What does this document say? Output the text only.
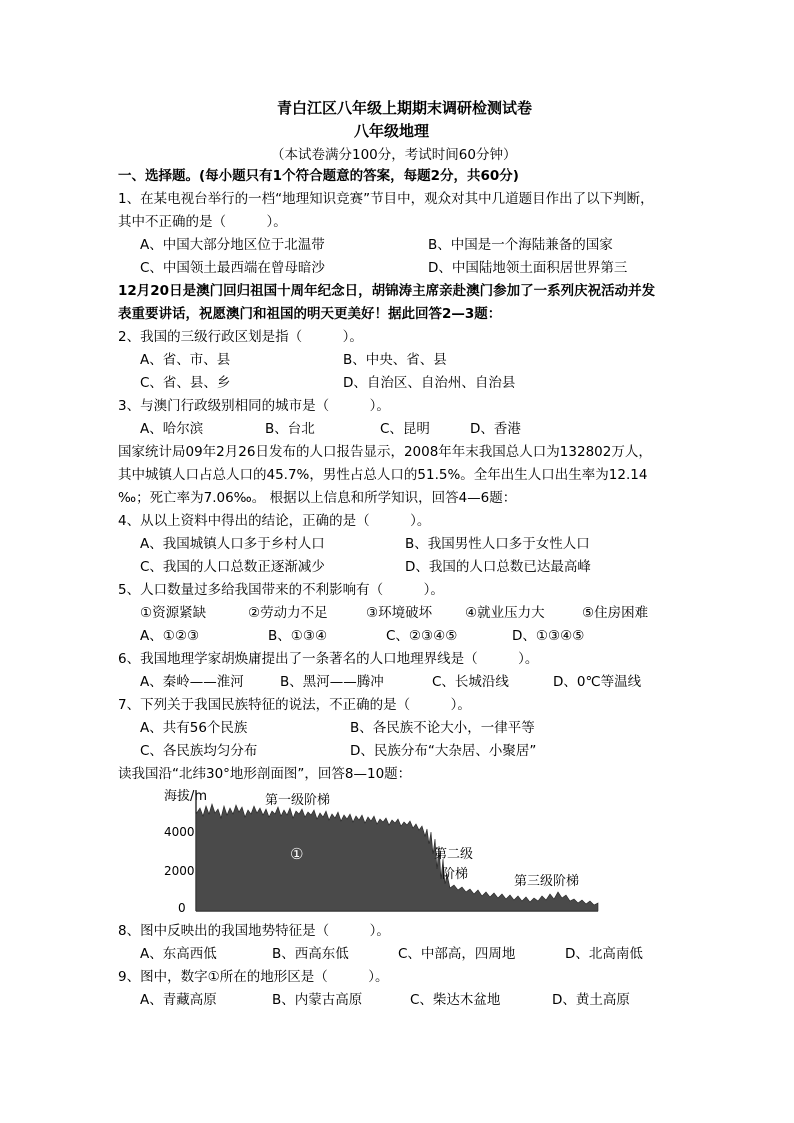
青白江区八年级上期期末调研检测试卷
八年级地理
（本试卷满分100分，考试时间60分钟）
一、选择题。(每小题只有1个符合题意的答案，每题2分，共60分)
1、在某电视台举行的一档“地理知识竞赛”节目中，观众对其中几道题目作出了以下判断，
其中不正确的是（　　　）。
A、中国大部分地区位于北温带	B、中国是一个海陆兼备的国家
C、中国领土最西端在曾母暗沙	D、中国陆地领土面积居世界第三
12月20日是澳门回归祖国十周年纪念日，胡锦涛主席亲赴澳门参加了一系列庆祝活动并发
表重要讲话，祝愿澳门和祖国的明天更美好！据此回答2—3题：
2、我国的三级行政区划是指（　　　）。
A、省、市、县	B、中央、省、县
C、省、县、乡	D、自治区、自治州、自治县
3、与澳门行政级别相同的城市是（　　　）。
A、哈尔滨	B、台北	C、昆明	D、香港
国家统计局09年2月26日发布的人口报告显示，2008年年末我国总人口为132802万人，
其中城镇人口占总人口的45.7%，男性占总人口的51.5%。全年出生人口出生率为12.14
‰；死亡率为7.06‰。 根据以上信息和所学知识，回答4—6题：
4、从以上资料中得出的结论，正确的是（　　　）。
A、我国城镇人口多于乡村人口	B、我国男性人口多于女性人口
C、我国的人口总数正逐渐减少	D、我国的人口总数已达最高峰
5、人口数量过多给我国带来的不利影响有（　　　）。
①资源紧缺	②劳动力不足	③环境破坏 ④就业压力大	⑤住房困难
A、①②③	B、①③④	C、②③④⑤	D、①③④⑤
6、我国地理学家胡焕庸提出了一条著名的人口地理界线是（　　　）。
A、秦岭——淮河	B、黑河——腾冲	C、长城沿线	D、0℃等温线
7、下列关于我国民族特征的说法，不正确的是（　　　）。
A、共有56个民族	B、各民族不论大小，一律平等
C、各民族均匀分布	D、民族分布“大杂居、小聚居”
读我国沿“北纬30°地形剖面图”，回答8—10题：
海拔/m
4000
2000
0
第一级阶梯
①	第二级
阶梯	第三级阶梯
8、图中反映出的我国地势特征是（　　　）。
A、东高西低	B、西高东低	C、中部高，四周地	D、北高南低
9、图中，数字①所在的地形区是（　　　）。
A、青藏高原	B、内蒙古高原	C、柴达木盆地	D、黄土高原
